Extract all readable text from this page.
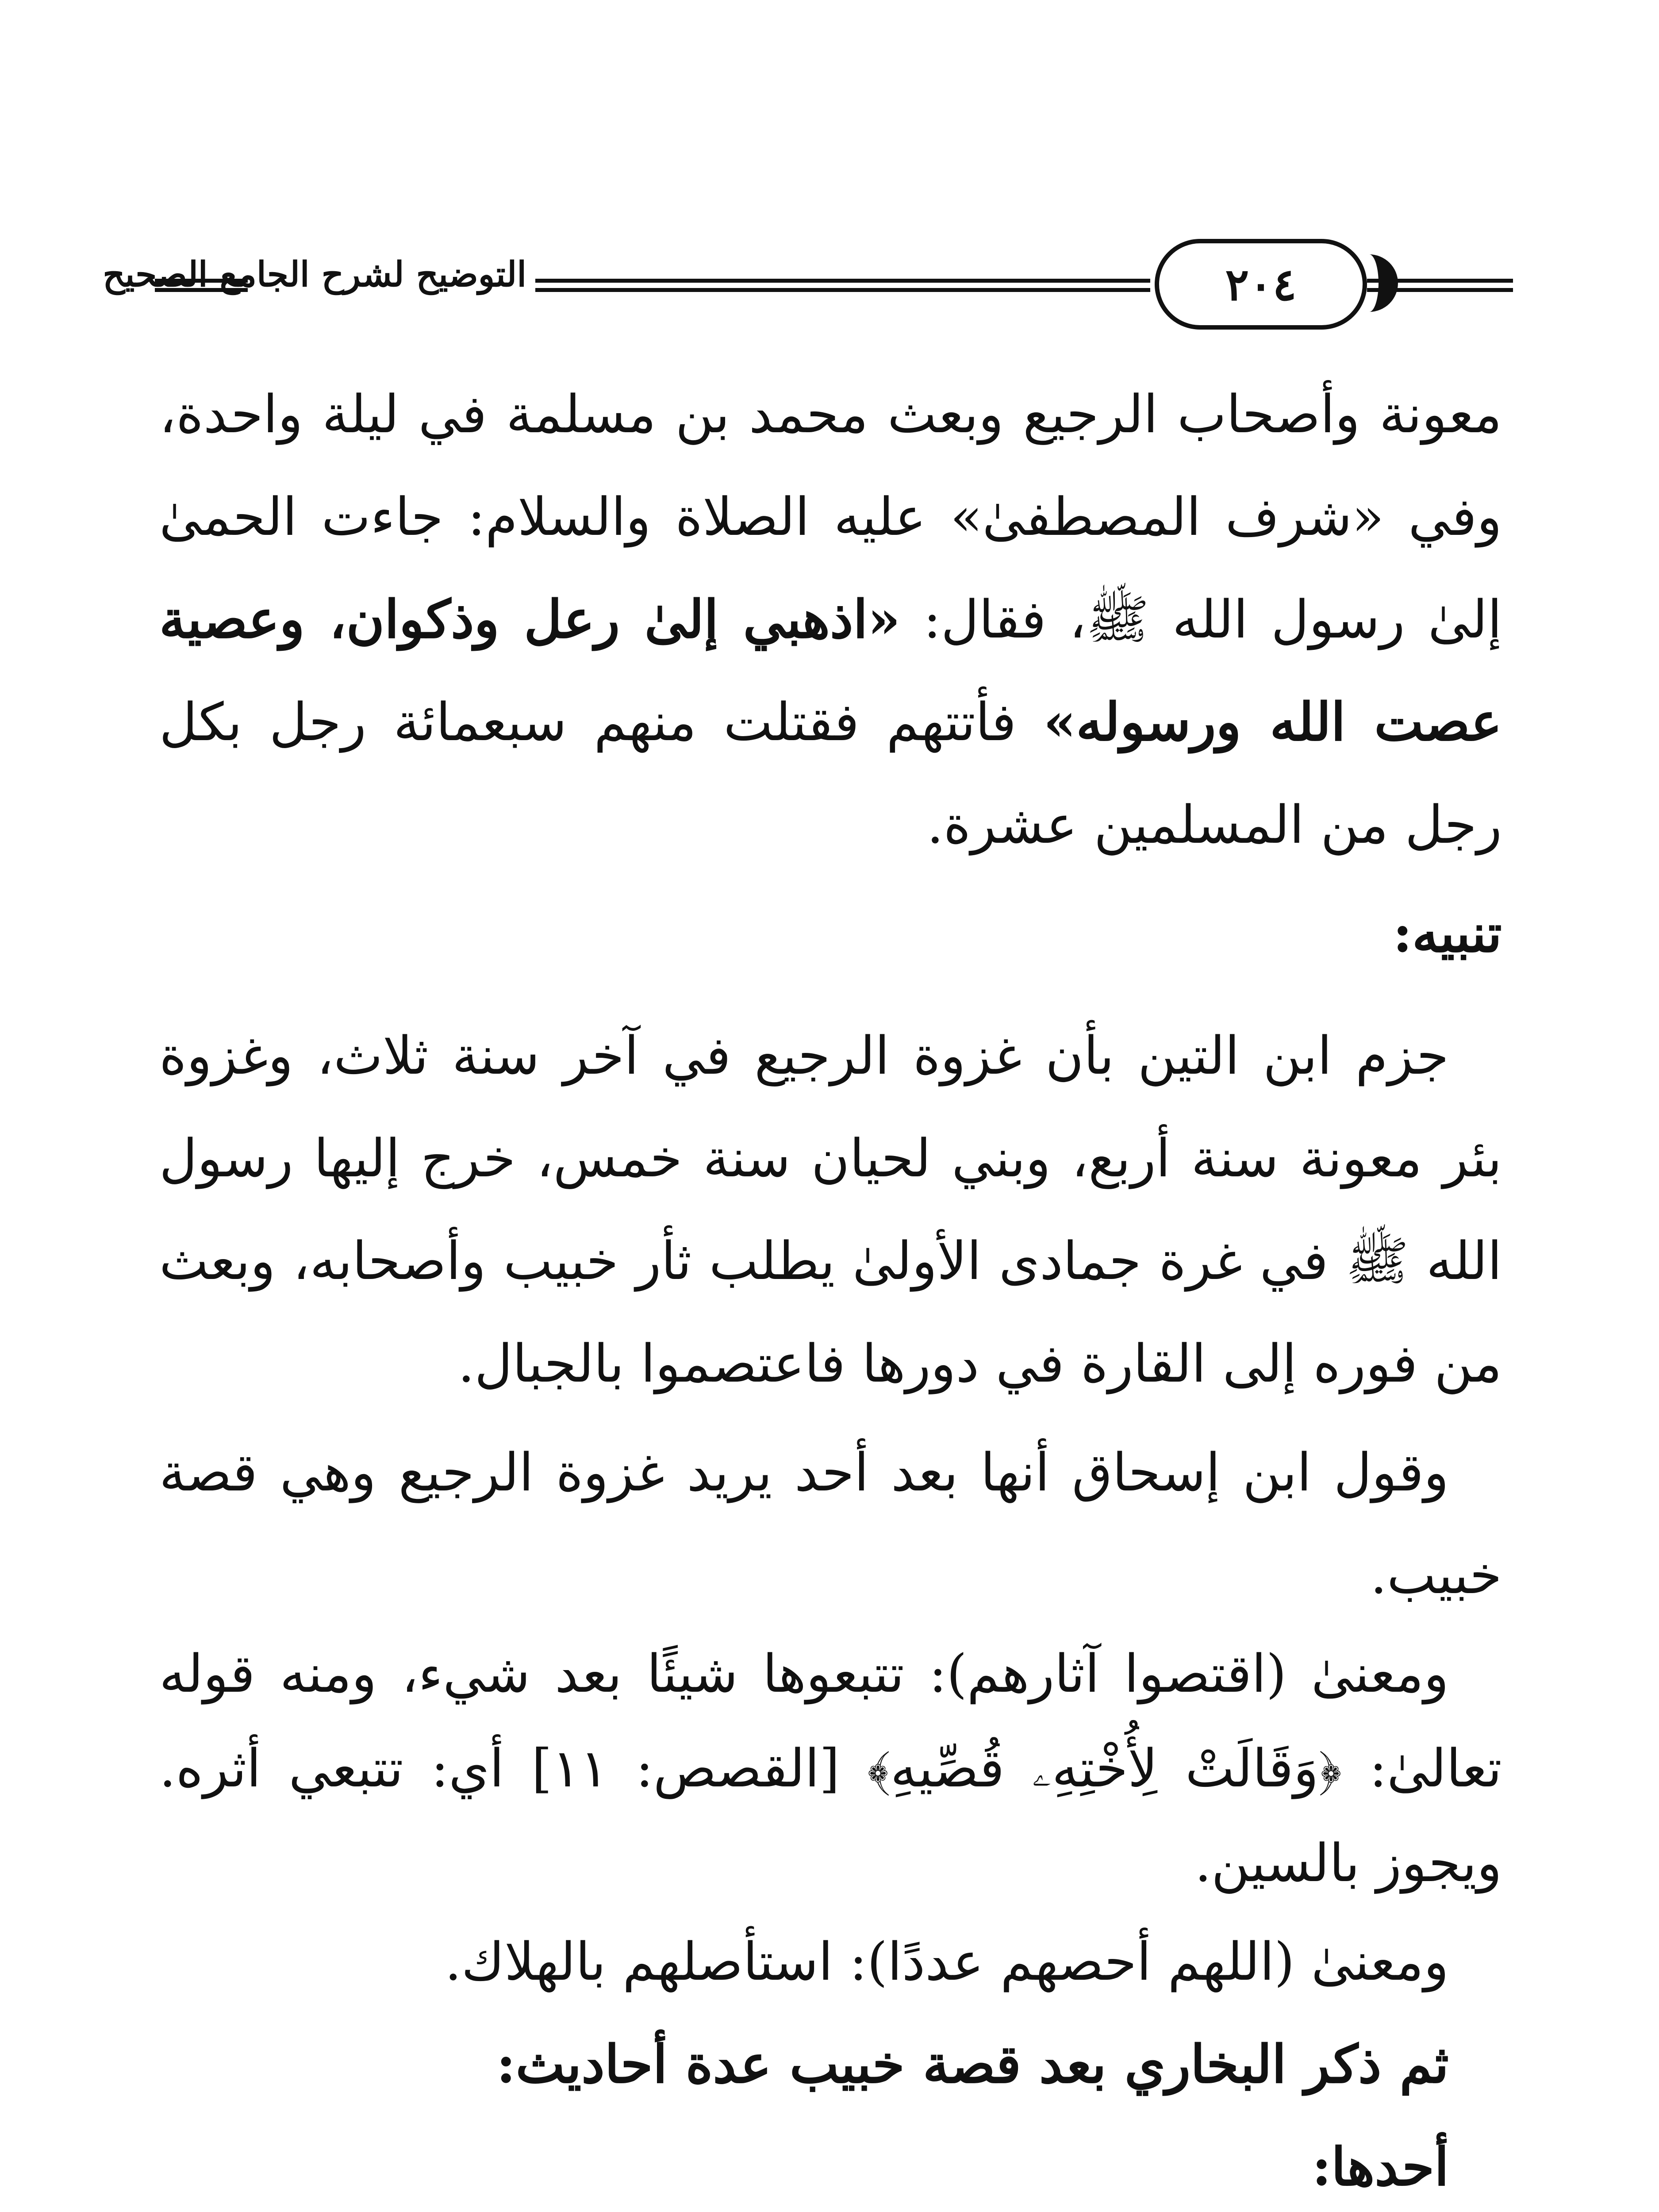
التوضيح لشرح الجامع الصحيح	٢٠٤

معونة وأصحاب الرجيع وبعث محمد بن مسلمة في ليلة واحدة، وفي «شرف المصطفىٰ» عليه الصلاة والسلام: جاءت الحمىٰ إلىٰ رسول الله ﷺ، فقال: «اذهبي إلىٰ رعل وذكوان، وعصية عصت الله ورسوله» فأتتهم فقتلت منهم سبعمائة رجل بكل رجل من المسلمين عشرة.

تنبيه:

جزم ابن التين بأن غزوة الرجيع في آخر سنة ثلاث، وغزوة بئر معونة سنة أربع، وبني لحيان سنة خمس، خرج إليها رسول الله ﷺ في غرة جمادى الأولىٰ يطلب ثأر خبيب وأصحابه، وبعث من فوره إلى القارة في دورها فاعتصموا بالجبال.

وقول ابن إسحاق أنها بعد أحد يريد غزوة الرجيع وهي قصة خبيب.

ومعنىٰ (اقتصوا آثارهم): تتبعوها شيئًا بعد شيء، ومنه قوله تعالىٰ: ﴿وَقَالَتْ لِأُخْتِهِۦ قُصِّيهِ﴾ [القصص: ١١] أي: تتبعي أثره. ويجوز بالسين.

ومعنىٰ (اللهم أحصهم عددًا): استأصلهم بالهلاك.

ثم ذكر البخاري بعد قصة خبيب عدة أحاديث:

أحدها:
